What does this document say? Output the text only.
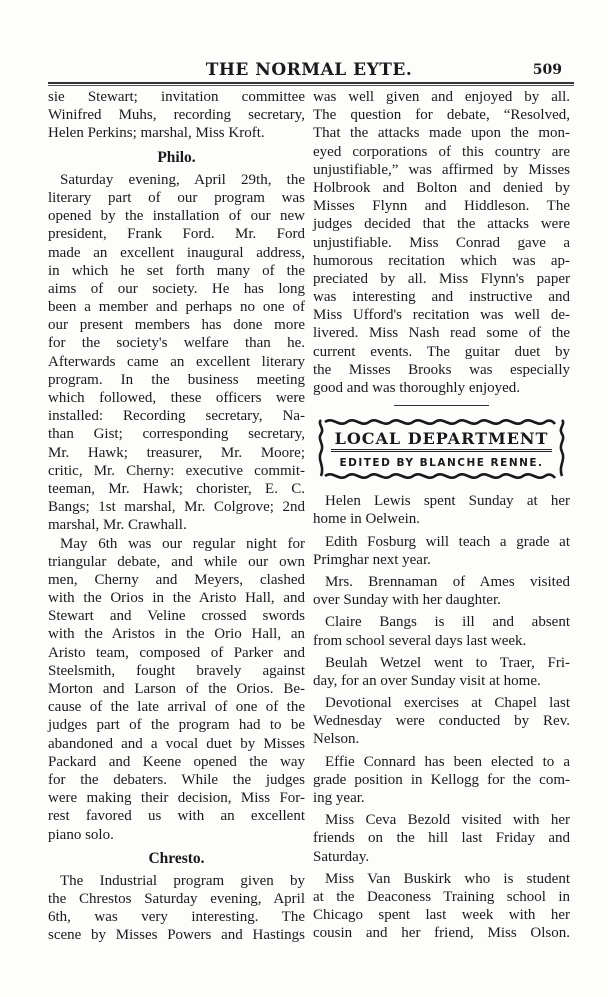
THE NORMAL EYTE.	509
sie Stewart; invitation committee
Winifred Muhs, recording secretary,
Helen Perkins; marshal, Miss Kroft.
Philo.
Saturday evening, April 29th, the
literary part of our program was
opened by the installation of our new
president, Frank Ford. Mr. Ford
made an excellent inaugural address,
in which he set forth many of the
aims of our society. He has long
been a member and perhaps no one of
our present members has done more
for the society's welfare than he.
Afterwards came an excellent literary
program. In the business meeting
which followed, these officers were
installed: Recording secretary, Na-
than Gist; corresponding secretary,
Mr. Hawk; treasurer, Mr. Moore;
critic, Mr. Cherny: executive commit-
teeman, Mr. Hawk; chorister, E. C.
Bangs; 1st marshal, Mr. Colgrove; 2nd
marshal, Mr. Crawhall.
May 6th was our regular night for
triangular debate, and while our own
men, Cherny and Meyers, clashed
with the Orios in the Aristo Hall, and
Stewart and Veline crossed swords
with the Aristos in the Orio Hall, an
Aristo team, composed of Parker and
Steelsmith, fought bravely against
Morton and Larson of the Orios. Be-
cause of the late arrival of one of the
judges part of the program had to be
abandoned and a vocal duet by Misses
Packard and Keene opened the way
for the debaters. While the judges
were making their decision, Miss For-
rest favored us with an excellent
piano solo.
Chresto.
The Industrial program given by
the Chrestos Saturday evening, April
6th, was very interesting. The
scene by Misses Powers and Hastings
was well given and enjoyed by all.
The question for debate, “Resolved,
That the attacks made upon the mon-
eyed corporations of this country are
unjustifiable,” was affirmed by Misses
Holbrook and Bolton and denied by
Misses Flynn and Hiddleson. The
judges decided that the attacks were
unjustifiable. Miss Conrad gave a
humorous recitation which was ap-
preciated by all. Miss Flynn's paper
was interesting and instructive and
Miss Ufford's recitation was well de-
livered. Miss Nash read some of the
current events. The guitar duet by
the Misses Brooks was especially
good and was thoroughly enjoyed.
LOCAL DEPARTMENT
EDITED BY BLANCHE RENNE.
Helen Lewis spent Sunday at her
home in Oelwein.
Edith Fosburg will teach a grade at
Primghar next year.
Mrs. Brennaman of Ames visited
over Sunday with her daughter.
Claire Bangs is ill and absent
from school several days last week.
Beulah Wetzel went to Traer, Fri-
day, for an over Sunday visit at home.
Devotional exercises at Chapel last
Wednesday were conducted by Rev.
Nelson.
Effie Connard has been elected to a
grade position in Kellogg for the com-
ing year.
Miss Ceva Bezold visited with her
friends on the hill last Friday and
Saturday.
Miss Van Buskirk who is student
at the Deaconess Training school in
Chicago spent last week with her
cousin and her friend, Miss Olson.
